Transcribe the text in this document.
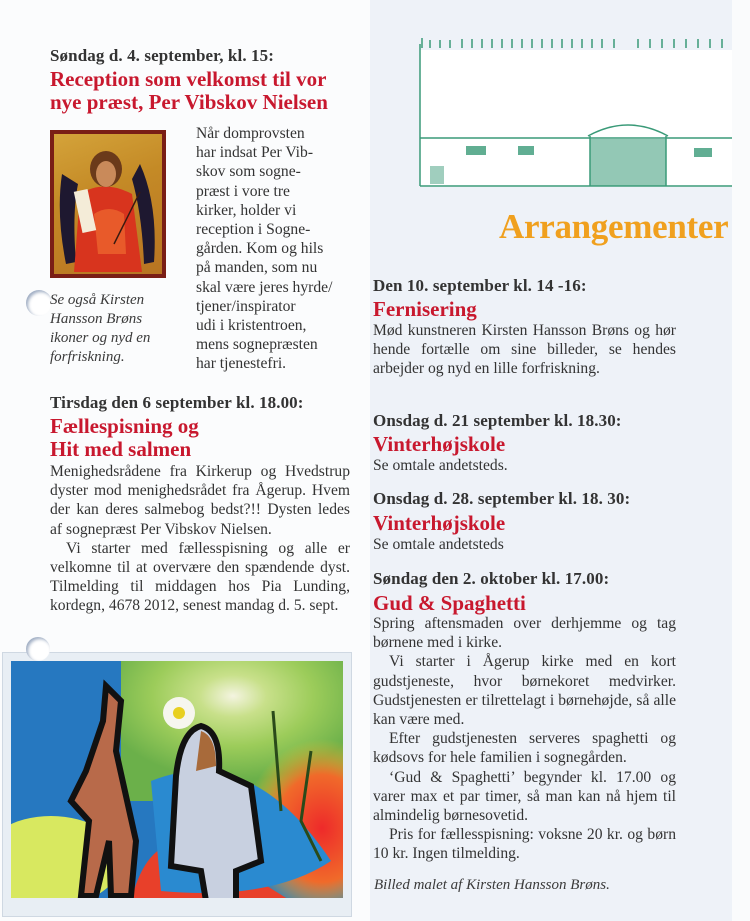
Søndag d. 4. september, kl. 15:
Reception som velkomst til vor
nye præst, Per Vibskov Nielsen
Når domprovsten
har indsat Per Vib-
skov som sogne-
præst i vore tre
kirker, holder vi
reception i Sogne-
gården. Kom og hils
på manden, som nu
skal være jeres hyrde/
tjener/inspirator
udi i kristentroen,
mens sognepræsten
har tjenestefri.
Se også Kirsten Hansson Brøns ikoner og nyd en forfriskning.
Tirsdag den 6 september kl. 18.00:
Fællespisning og
Hit med salmen

Menighedsrådene fra Kirkerup og Hvedstrup dyster mod menighedsrådet fra Ågerup. Hvem der kan deres salmebog bedst?!! Dysten ledes af sognepræst Per Vibskov Nielsen.

Vi starter med fællesspisning og alle er velkomne til at overvære den spændende dyst. Tilmelding til middagen hos Pia Lunding, kordegn, 4678 2012, senest mandag d. 5. sept.

Arrangementer
Den 10. september kl. 14 -16:
Fernisering

Mød kunstneren Kirsten Hansson Brøns og hør hende fortælle om sine billeder, se hendes arbejder og nyd en lille forfriskning.

Onsdag d. 21 september kl. 18.30:
Vinterhøjskole

Se omtale andetsteds.

Onsdag d. 28. september kl. 18. 30:
Vinterhøjskole

Se omtale andetsteds

Søndag den 2. oktober kl. 17.00:
Gud & Spaghetti

Spring aftensmaden over derhjemme og tag børnene med i kirke.

Vi starter i Ågerup kirke med en kort gudstjeneste, hvor børnekoret medvirker. Gudstjenesten er tilrettelagt i børnehøjde, så alle kan være med.

Efter gudstjenesten serveres spaghetti og kødsovs for hele familien i sognegården.

‘Gud & Spaghetti’ begynder kl. 17.00 og varer max et par timer, så man kan nå hjem til almindelig børnesovetid.

Pris for fællesspisning: voksne 20 kr. og børn 10 kr. Ingen tilmelding.

Billed malet af Kirsten Hansson Brøns.
